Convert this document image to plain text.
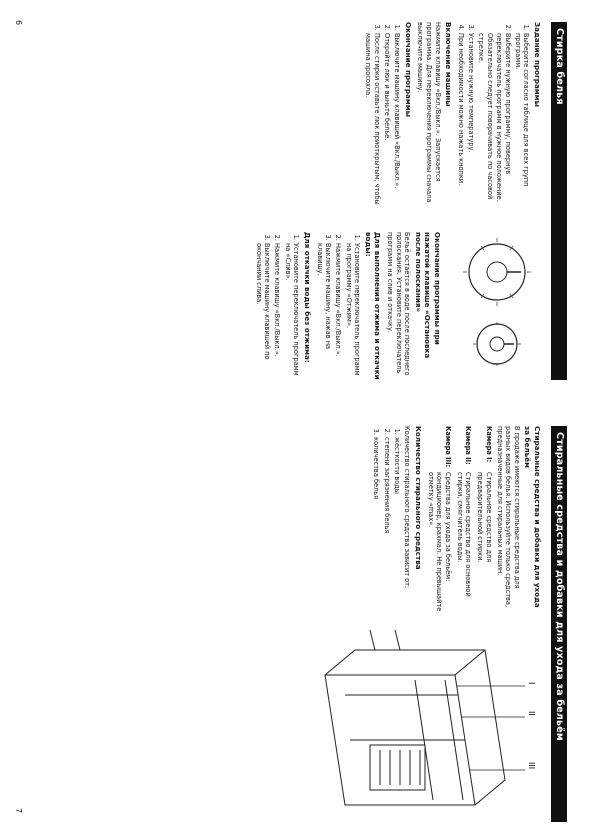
Стирка белья
Задание программы
1. Выберите согласно таблице для всех групп программ.
2. Выберите нужную программу, повернув переключатель программ в нужное положение. Обязательно следует поворачивать по часовой стрелке.
3. Установите нужную температуру.
4. При необходимости можно нажать кнопки.
Включение машины
Нажмите клавишу «Вкл./Выкл.». Запускается программа. Для переключения программы сначала выключите машину.
Окончание программы
1. Выключите машину клавишей «Вкл./Выкл.».
2. Откройте люк и выньте бельё.
3. После стирки оставьте люк приоткрытым, чтобы машина просохла.
Окончание программы при нажатой клавише «Остановка после полоскания»
Бельё остаётся в воде после последнего полоскания. Установите переключатель программ на слив и откачку.
Для выполнения отжима и откачки воды:
1. Установите переключатель программ на программу «Отжим».
2. Нажмите клавишу «Вкл./Выкл.».
3. Выключите машину, нажав на клавишу.
Для откачки воды без отжима:
1. Установите переключатель программ на «Слив».
2. Нажмите клавишу «Вкл./Выкл.».
3. Выключите машину клавишей по окончании слива.
Стиральные средства и добавки для ухода за бельём
Стиральные средства и добавки для ухода за бельём
В продаже имеются стиральные средства для разных видов белья. Используйте только средства, предназначенные для стиральных машин.
Камера I:
Стиральное средство для предварительной стирки.
Камера II:
Стиральное средство для основной стирки, смягчитель воды.
Камера III:
Средства для ухода за бельём: кондиционер, крахмал. Не превышайте отметку «max».
Количество стирального средства
Количество стирального средства зависит от:
1. жёсткости воды
2. степени загрязнения белья
3. количества белья
I
II
III
6
7
